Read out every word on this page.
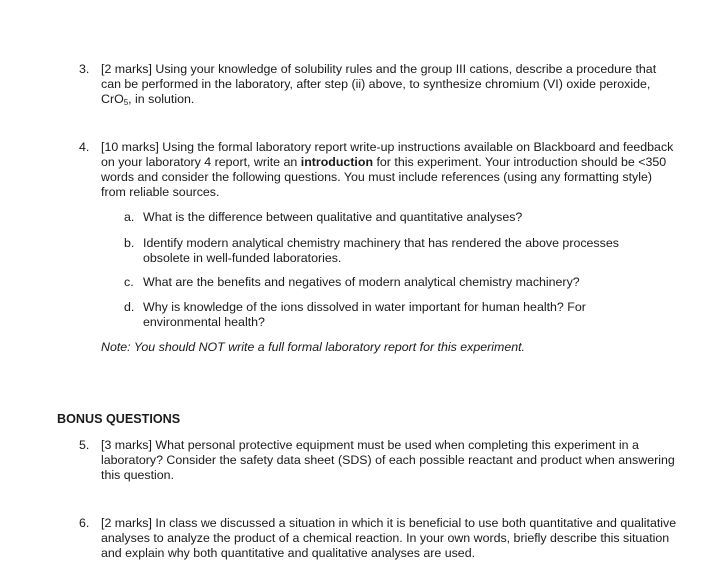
3. [2 marks] Using your knowledge of solubility rules and the group III cations, describe a procedure that can be performed in the laboratory, after step (ii) above, to synthesize chromium (VI) oxide peroxide, CrO5, in solution.
4. [10 marks] Using the formal laboratory report write-up instructions available on Blackboard and feedback on your laboratory 4 report, write an introduction for this experiment. Your introduction should be <350 words and consider the following questions. You must include references (using any formatting style) from reliable sources.
a. What is the difference between qualitative and quantitative analyses?
b. Identify modern analytical chemistry machinery that has rendered the above processes obsolete in well-funded laboratories.
c. What are the benefits and negatives of modern analytical chemistry machinery?
d. Why is knowledge of the ions dissolved in water important for human health? For environmental health?
Note: You should NOT write a full formal laboratory report for this experiment.
BONUS QUESTIONS
5. [3 marks] What personal protective equipment must be used when completing this experiment in a laboratory? Consider the safety data sheet (SDS) of each possible reactant and product when answering this question.
6. [2 marks] In class we discussed a situation in which it is beneficial to use both quantitative and qualitative analyses to analyze the product of a chemical reaction. In your own words, briefly describe this situation and explain why both quantitative and qualitative analyses are used.
